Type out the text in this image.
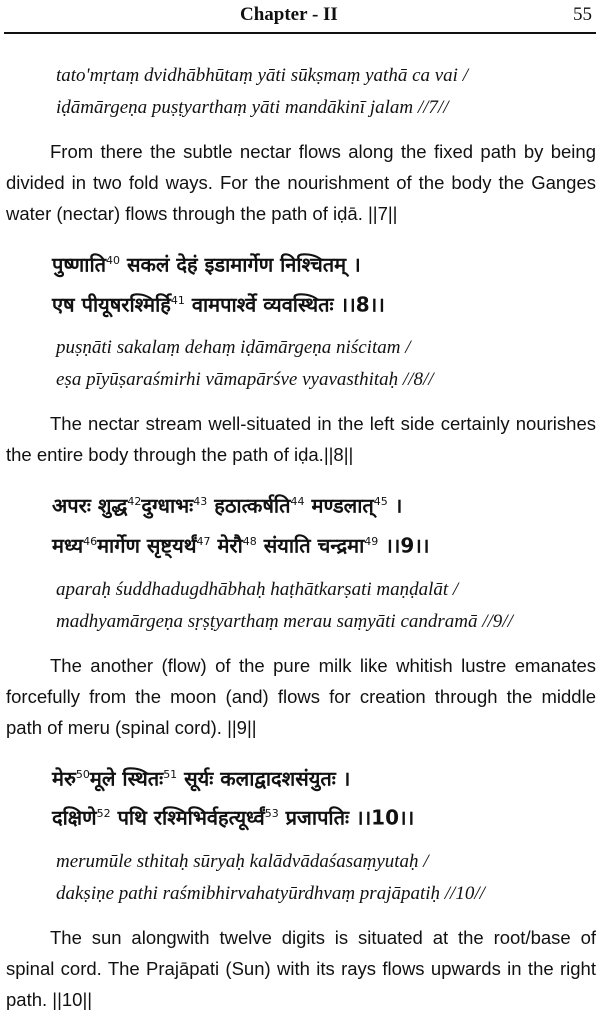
Chapter - II	55
tato'mṛtaṃ dvidhābhūtaṃ yāti sūkṣmaṃ yathā ca vai /
iḍāmārgeṇa puṣṭyarthaṃ yāti mandākinī jalam //7//

From there the subtle nectar flows along the fixed path by being divided in two fold ways. For the nourishment of the body the Ganges water (nectar) flows through the path of iḍā. ||7||

पुष्णाति$^{40}$ सकलं देहं इडामार्गेण निश्चितम् ।
एष पीयूषरश्मिर्हि$^{41}$ वामपार्श्वे व्यवस्थितः ।।8।।
puṣṇāti sakalaṃ dehaṃ iḍāmārgeṇa niścitam /
eṣa pīyūṣaraśmirhi vāmapārśve vyavasthitaḥ //8//

The nectar stream well-situated in the left side certainly nourishes the entire body through the path of iḍa.||8||

अपरः शुद्ध$^{42}$दुग्धाभः$^{43}$ हठात्कर्षति$^{44}$ मण्डलात्$^{45}$ ।
मध्य$^{46}$मार्गेण सृष्ट्यर्थं$^{47}$ मेरौ$^{48}$ संयाति चन्द्रमा$^{49}$ ।।9।।
aparaḥ śuddhadugdhābhaḥ haṭhātkarṣati maṇḍalāt /
madhyamārgeṇa sṛṣṭyarthaṃ merau saṃyāti candramā //9//

The another (flow) of the pure milk like whitish lustre emanates forcefully from the moon (and) flows for creation through the middle path of meru (spinal cord). ||9||

मेरु$^{50}$मूले स्थितः$^{51}$ सूर्यः कलाद्वादशसंयुतः ।
दक्षिणे$^{52}$ पथि रश्मिभिर्वहत्यूर्ध्वं$^{53}$ प्रजापतिः ।।10।।
merumūle sthitaḥ sūryaḥ kalādvādaśasaṃyutaḥ /
dakṣiṇe pathi raśmibhirvahatyūrdhvaṃ prajāpatiḥ //10//

The sun alongwith twelve digits is situated at the root/base of spinal cord. The Prajāpati (Sun) with its rays flows upwards in the right path. ||10||
